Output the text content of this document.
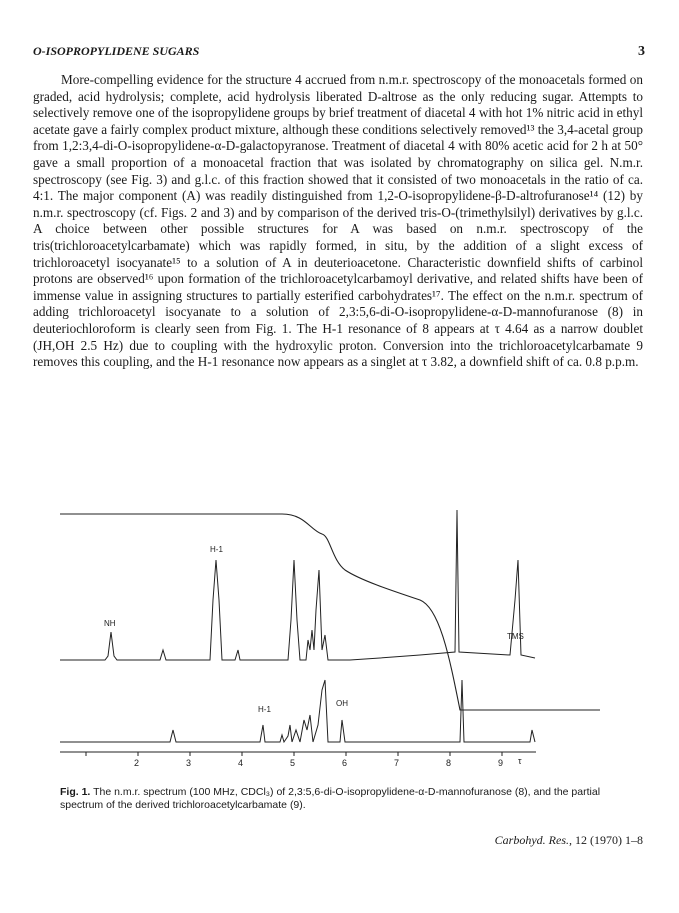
O-ISOPROPYLIDENE SUGARS	3

More-compelling evidence for the structure 4 accrued from n.m.r. spectroscopy of the monoacetals formed on graded, acid hydrolysis; complete, acid hydrolysis liberated D-altrose as the only reducing sugar. Attempts to selectively remove one of the isopropylidene groups by brief treatment of diacetal 4 with hot 1% nitric acid in ethyl acetate gave a fairly complex product mixture, although these conditions selectively removed¹³ the 3,4-acetal group from 1,2:3,4-di-O-isopropylidene-α-D-galactopyranose. Treatment of diacetal 4 with 80% acetic acid for 2 h at 50° gave a small proportion of a monoacetal fraction that was isolated by chromatography on silica gel. N.m.r. spectroscopy (see Fig. 3) and g.l.c. of this fraction showed that it consisted of two monoacetals in the ratio of ca. 4:1. The major component (A) was readily distinguished from 1,2-O-isopropylidene-β-D-altrofuranose¹⁴ (12) by n.m.r. spectroscopy (cf. Figs. 2 and 3) and by comparison of the derived tris-O-(trimethylsilyl) derivatives by g.l.c. A choice between other possible structures for A was based on n.m.r. spectroscopy of the tris(trichloroacetylcarbamate) which was rapidly formed, in situ, by the addition of a slight excess of trichloroacetyl isocyanate¹⁵ to a solution of A in deuterioacetone. Characteristic downfield shifts of carbinol protons are observed¹⁶ upon formation of the trichloroacetylcarbamoyl derivative, and related shifts have been of immense value in assigning structures to partially esterified carbohydrates¹⁷. The effect on the n.m.r. spectrum of adding trichloroacetyl isocyanate to a solution of 2,3:5,6-di-O-isopropylidene-α-D-mannofuranose (8) in deuteriochloroform is clearly seen from Fig. 1. The H-1 resonance of 8 appears at τ 4.64 as a narrow doublet (JH,OH 2.5 Hz) due to coupling with the hydroxylic proton. Conversion into the trichloroacetylcarbamate 9 removes this coupling, and the H-1 resonance now appears as a singlet at τ 3.82, a downfield shift of ca. 0.8 p.p.m.

2	3	4	5	6	7	8	9 τ
H-1
NH
TMS
H-1
OH
Fig. 1. The n.m.r. spectrum (100 MHz, CDCl₃) of 2,3:5,6-di-O-isopropylidene-α-D-mannofuranose (8), and the partial spectrum of the derived trichloroacetylcarbamate (9).
Carbohyd. Res., 12 (1970) 1–8
